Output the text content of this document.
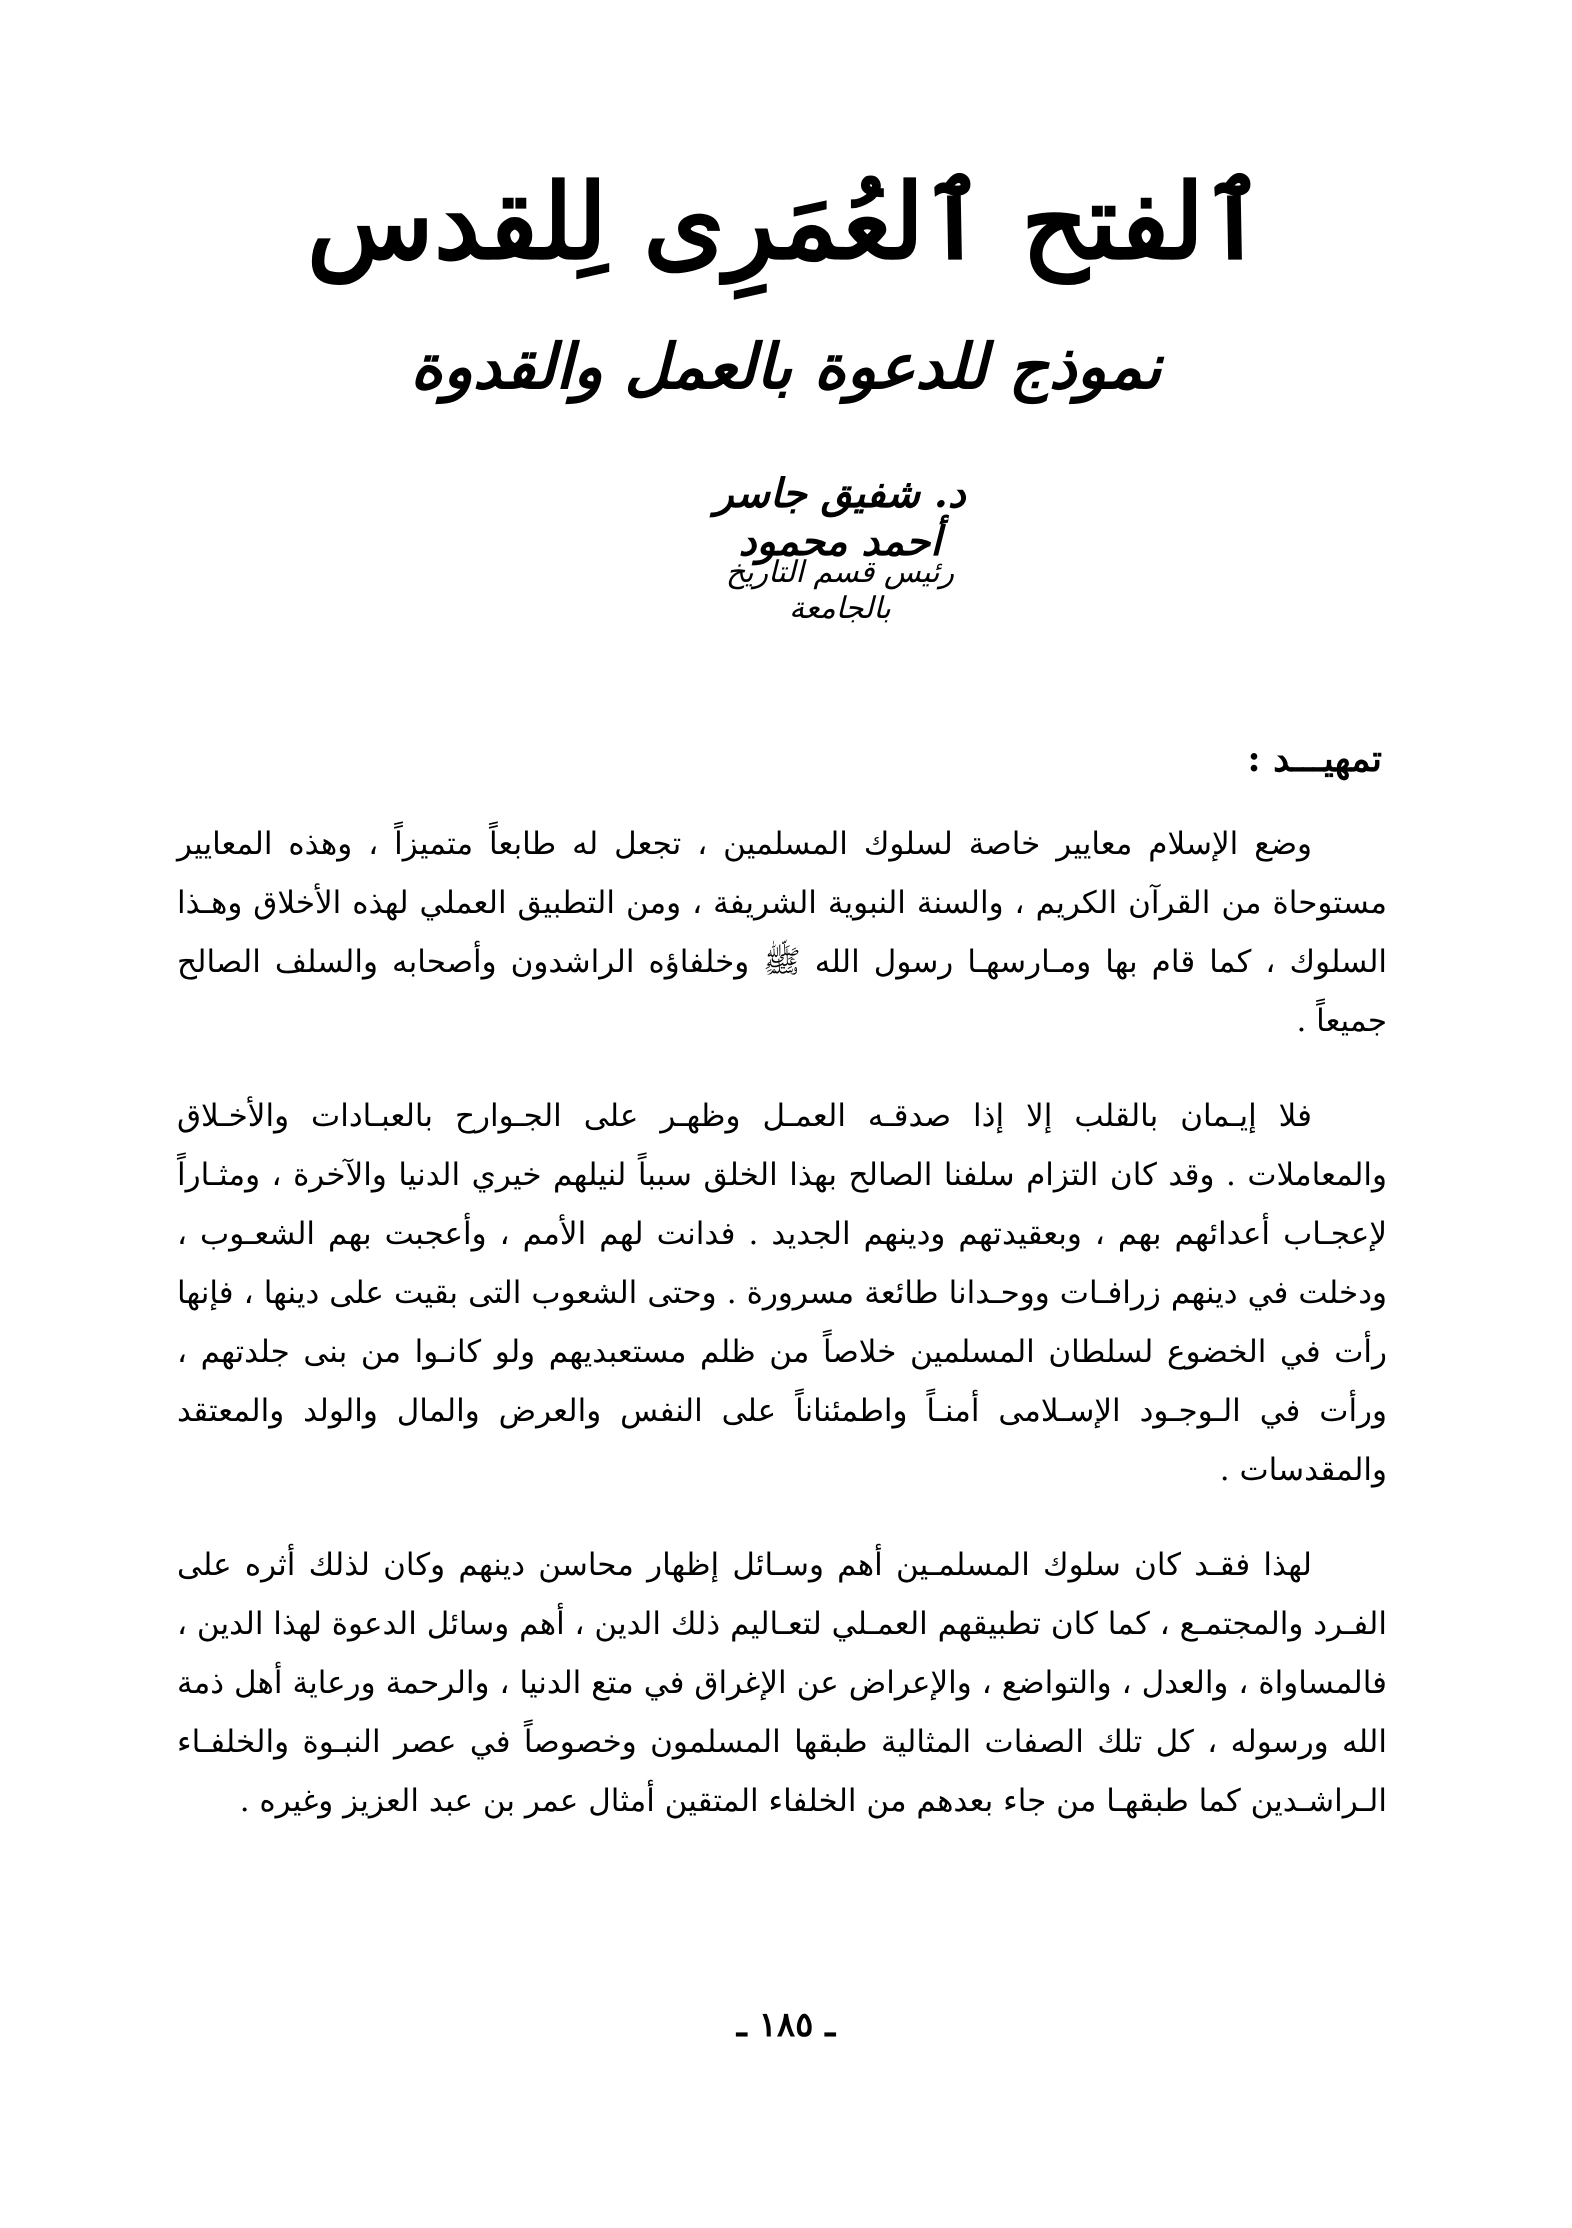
ٱلفتح ٱلعُمَرِى لِلقدس
نموذج للدعوة بالعمل والقدوة
د. شفيق جاسر أحمد محمود
رئيس قسم التاريخ بالجامعة
تمهيـــد :

وضع الإسلام معايير خاصة لسلوك المسلمين ، تجعل له طابعاً متميزاً ، وهذه المعايير مستوحاة من القرآن الكريم ، والسنة النبوية الشريفة ، ومن التطبيق العملي لهذه الأخلاق وهـذا السلوك ، كما قام بها ومـارسهـا رسول الله ﷺ وخلفاؤه الراشدون وأصحابه والسلف الصالح جميعاً .

فلا إيـمان بالقلب إلا إذا صدقـه العمـل وظهـر على الجـوارح بالعبـادات والأخـلاق والمعاملات . وقد كان التزام سلفنا الصالح بهذا الخلق سبباً لنيلهم خيري الدنيا والآخرة ، ومثـاراً لإعجـاب أعدائهم بهم ، وبعقيدتهم ودينهم الجديد . فدانت لهم الأمم ، وأعجبت بهم الشعـوب ، ودخلت في دينهم زرافـات ووحـدانا طائعة مسرورة . وحتى الشعوب التى بقيت على دينها ، فإنها رأت في الخضوع لسلطان المسلمين خلاصاً من ظلم مستعبديهم ولو كانـوا من بنى جلدتهم ، ورأت في الـوجـود الإسـلامى أمنـاً واطمئناناً على النفس والعرض والمال والولد والمعتقد والمقدسات .

لهذا فقـد كان سلوك المسلمـين أهم وسـائل إظهار محاسن دينهم وكان لذلك أثره على الفـرد والمجتمـع ، كما كان تطبيقهم العمـلي لتعـاليم ذلك الدين ، أهم وسائل الدعوة لهذا الدين ، فالمساواة ، والعدل ، والتواضع ، والإعراض عن الإغراق في متع الدنيا ، والرحمة ورعاية أهل ذمة الله ورسوله ، كل تلك الصفات المثالية طبقها المسلمون وخصوصاً في عصر النبـوة والخلفـاء الـراشـدين كما طبقهـا من جاء بعدهم من الخلفاء المتقين أمثال عمر بن عبد العزيز وغيره .

ـ ١٨٥ ـ
